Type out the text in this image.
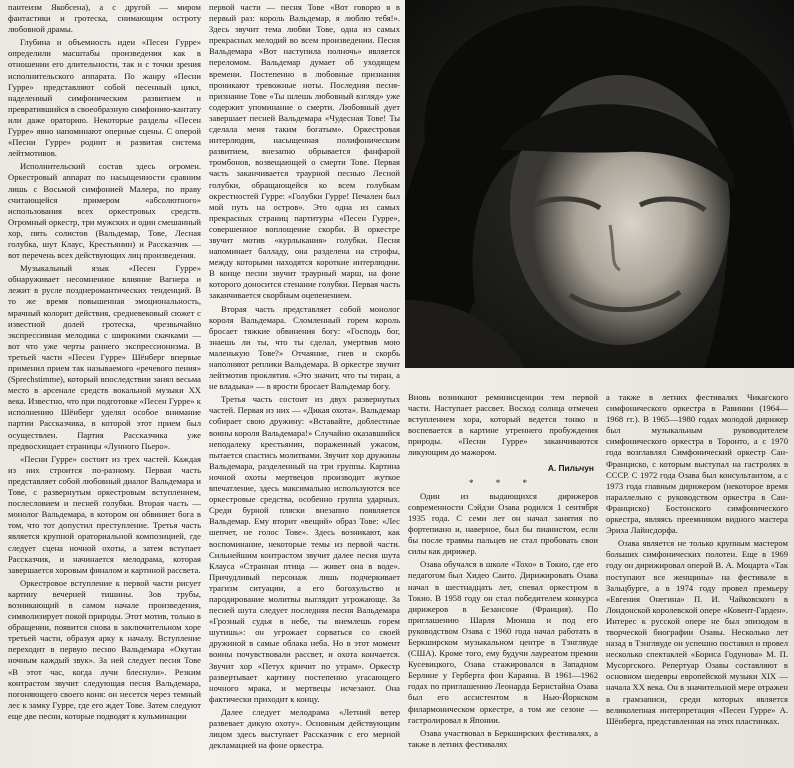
пантеизм Якобсена), а с другой — миром фантастики и гротеска, снимающим остроту любовной драмы.

Глубина и объемность идеи «Песен Гурре» определили масштабы произведения как в отношении его длительности, так и с точки зрения исполнительского аппарата. По жанру «Песни Гурре» представляют собой песенный цикл, наделенный симфоническим развитием и превратившийся в своеобразную симфонию-кантату или даже ораторию. Некоторые разделы «Песен Гурре» явно напоминают оперные сцены. С оперой «Песни Гурре» роднит и развитая система лейтмотивов.

Исполнительский состав здесь огромен. Оркестровый аппарат по насыщенности сравним лишь с Восьмой симфонией Малера, по праву считающейся примером «абсолютного» использования всех оркестровых средств. Огромный оркестр, три мужских и один смешанный хор, пять солистов (Вальдемар, Тове, Лесная голубка, шут Клаус, Крестьянин) и Рассказчик — вот перечень всех действующих лиц произведения.

Музыкальный язык «Песен Гурре» обнаруживает несомненное влияние Вагнера и лежит в русле позднеромантических тенденций. В то же время повышенная эмоциональность, мрачный колорит действия, средневековый сюжет с известной долей гротеска, чрезвычайно экспрессивная мелодика с широкими скачками — вот что уже черты раннего экспрессионизма. В третьей части «Песен Гурре» Шёнберг впервые применил прием так называемого «речевого пения» (Sprechstimme), который впоследствии занял весьма место в арсенале средств вокальной музыки XX века. Известно, что при подготовке «Песен Гурре» к исполнению Шёнберг уделял особое внимание партии Рассказчика, в которой этот прием был осуществлен. Партия Рассказчика уже предвосхищает страницы «Лунного Пьеро».

«Песни Гурре» состоят из трех частей. Каждая из них строится по-разному. Первая часть представляет собой любовный диалог Вальдемара и Тове, с развернутым оркестровым вступлением, послесловием и песней голубки. Вторая часть — монолог Вальдемара, в котором он обвиняет бога в том, что тот допустил преступление. Третья часть является крупной ораториальной композицией, где следует сцена ночной охоты, а затем вступает Рассказчик, и начинается мелодрама, которая завершается хоровым финалом и картиной рассвета.

Оркестровое вступление к первой части рисует картину вечерней тишины. Зов трубы, возникающий в самом начале произведения, символизирует покой природы. Этот мотив, только в обращении, появится снова в заключительном хоре третьей части, образуя арку к началу. Вступление переходит в первую песню Вальдемара «Окутан ночным каждый звук». За ней следует песня Тове «В этот час, когда лучи блеснули». Резким контрастом звучит следующая песня Вальдемара, погоняющего своего коня: он несется через темный лес к замку Гурре, где его ждет Тове. Затем следуют еще две песни, которые подводят к кульминации

первой части — песня Тове «Вот говорю я в первый раз: король Вальдемар, я люблю тебя!». Здесь звучит тема любви Тове, одна из самых прекрасных мелодий во всем произведении. Песня Вальдемара «Вот наступила полночь» является переломом. Вальдемар думает об уходящем времени. Постепенно в любовные признания проникают тревожные ноты. Последняя песня-признание Тове «Ты шлешь любовный взгляд» уже содержит упоминание о смерти. Любовный дует завершает песней Вальдемара «Чудесная Тове! Ты сделала меня таким богатым». Оркестровая интерлюдия, насыщенная полифоническим развитием, внезапно обрывается фанфарой тромбонов, возвещающей о смерти Тове. Первая часть заканчивается траурной песнью Лесной голубки, обращающейся ко всем голубкам окрестностей Гурре: «Голубки Гурре! Печален был мой путь на остров». Это одна из самых прекрасных страниц партитуры «Песен Гурре», совершенное воплощение скорби. В оркестре звучит мотив «курлыкания» голубки. Песня напоминает балладу, она разделена на строфы, между которыми находятся короткие интерлюдии. В конце песни звучит траурный марш, на фоне которого доносится стенание голубки. Первая часть заканчивается скорбным оцепенением.

Вторая часть представляет собой монолог короля Вальдемара. Сломленный горем король бросает тяжкие обвинения богу: «Господь бог, знаешь ли ты, что ты сделал, умертвив мою маленькую Тове?» Отчаяние, гнев и скорбь наполняют реплики Вальдемара. В оркестре звучит лейтмотив проклятия. «Это значит, что ты тиран, а не владыка» — в ярости бросает Вальдемар богу.

Третья часть состоит из двух развернутых частей. Первая из них — «Дикая охота». Вальдемар собирает свою дружину: «Вставайте, доблестные воины короля Вальдемара!» Случайно оказавшийся неподалеку крестьянин, пораженный ужасом, пытается спастись молитвами. Звучит хор дружины Вальдемара, разделенный на три группы. Картина ночной охоты мертвецов производит жуткое впечатление, здесь максимально используются все оркестровые средства, особенно группа ударных. Среди бурной пляски внезапно появляется Вальдемар. Ему вторит «вещий» образ Тове: «Лес шепчет, не голос Тове». Здесь возникают, как воспоминание, некоторые темы из первой части. Сильнейшим контрастом звучит далее песня шута Клауса «Странная птица — живет она в воде». Причудливый персонаж лишь подчеркивает трагизм ситуации, а его богохульство и пародирование молитвы выглядит угрожающе. За песней шута следует последняя песня Вальдемара «Грозный судья в небе, ты внемлешь горем шутишь»: он угрожает сорваться со своей дружиной в самые облака неба. Но в этот момент воины почувствовали рассвет, и охота кончается. Звучит хор «Петух кричит по утрам». Оркестр развертывает картину постепенно угасающего ночного мрака, и мертвецы исчезают. Она фактически приходит к концу.

Далее следует мелодрама «Летний ветер развевает дикую охоту». Основным действующим лицом здесь выступает Рассказчик с его мерной декламацией на фоне оркестра.

Вновь возникают реминисценции тем первой части. Наступает рассвет. Восход солнца отмечен вступлением хора, который ведется тонко и воспевается в картине утреннего пробуждения природы. «Песни Гурре» заканчиваются ликующим до мажором.

А. Пильчун

* * *

Один из выдающихся дирижеров современности Сэйдзи Озава родился 1 сентября 1935 года. С семи лет он начал занятия по фортепиано и, наверное, был бы пианистом, если бы после травмы пальцев не стал пробовать свои силы как дирижер.

Озава обучался в школе «Тохо» в Токио, где его педагогом был Хидео Саито. Дирижировать Озава начал в шестнадцать лет, спевал оркестром в Токио. В 1958 году он стал победителем конкурса дирижеров в Безансоне (Франция). По приглашению Шарля Мюнша и под его руководством Озава с 1960 года начал работать в Беркширском музыкальном центре в Тэнглвуде (США). Кроме того, ему будучи лауреатом премии Кусевицкого, Озава стажировался в Западном Берлине у Герберта фон Караяна. В 1961—1962 годах по приглашению Леонарда Бернстайна Озава был его ассистентом в Нью-Йоркском филармоническом оркестре, а том же сезоне — гастролировал в Японии.

Озава участвовал в Беркширских фестивалях, а также в летних фестивалях

а также в летних фестивалях Чикагского симфонического оркестра в Равинии (1964—1968 гг.). В 1965—1980 годах молодой дирижер был музыкальным руководителем симфонического оркестра в Торонто, а с 1970 года возглавлял Симфонический оркестр Сан-Франциско, с которым выступал на гастролях в СССР. С 1972 года Озава был консультантом, а с 1973 года главным дирижером (некоторое время параллельно с руководством оркестра в Сан-Франциско) Бостонского симфонического оркестра, являясь преемником видного мастера Эриха Лайнсдорфа.

Озава является не только крупным мастером больших симфонических полотен. Еще в 1969 году он дирижировал оперой В. А. Моцарта «Так поступают все женщины» на фестивале в Зальцбурге, а в 1974 году провел премьеру «Евгения Онегина» П. И. Чайковского в Лондонской королевской опере «Ковент-Гарден». Интерес к русской опере не был эпизодом в творческой биографии Озавы. Несколько лет назад в Тэнглвуде он успешно поставил и провел несколько спектаклей «Бориса Годунова» М. П. Мусоргского. Репертуар Озавы составляют в основном шедевры европейской музыки XIX — начала XX века. Он в значительной мере отражен в грамзаписи, среди которых является великолепная интерпретация «Песен Гурре» А. Шёнберга, представленная на этих пластинках.
